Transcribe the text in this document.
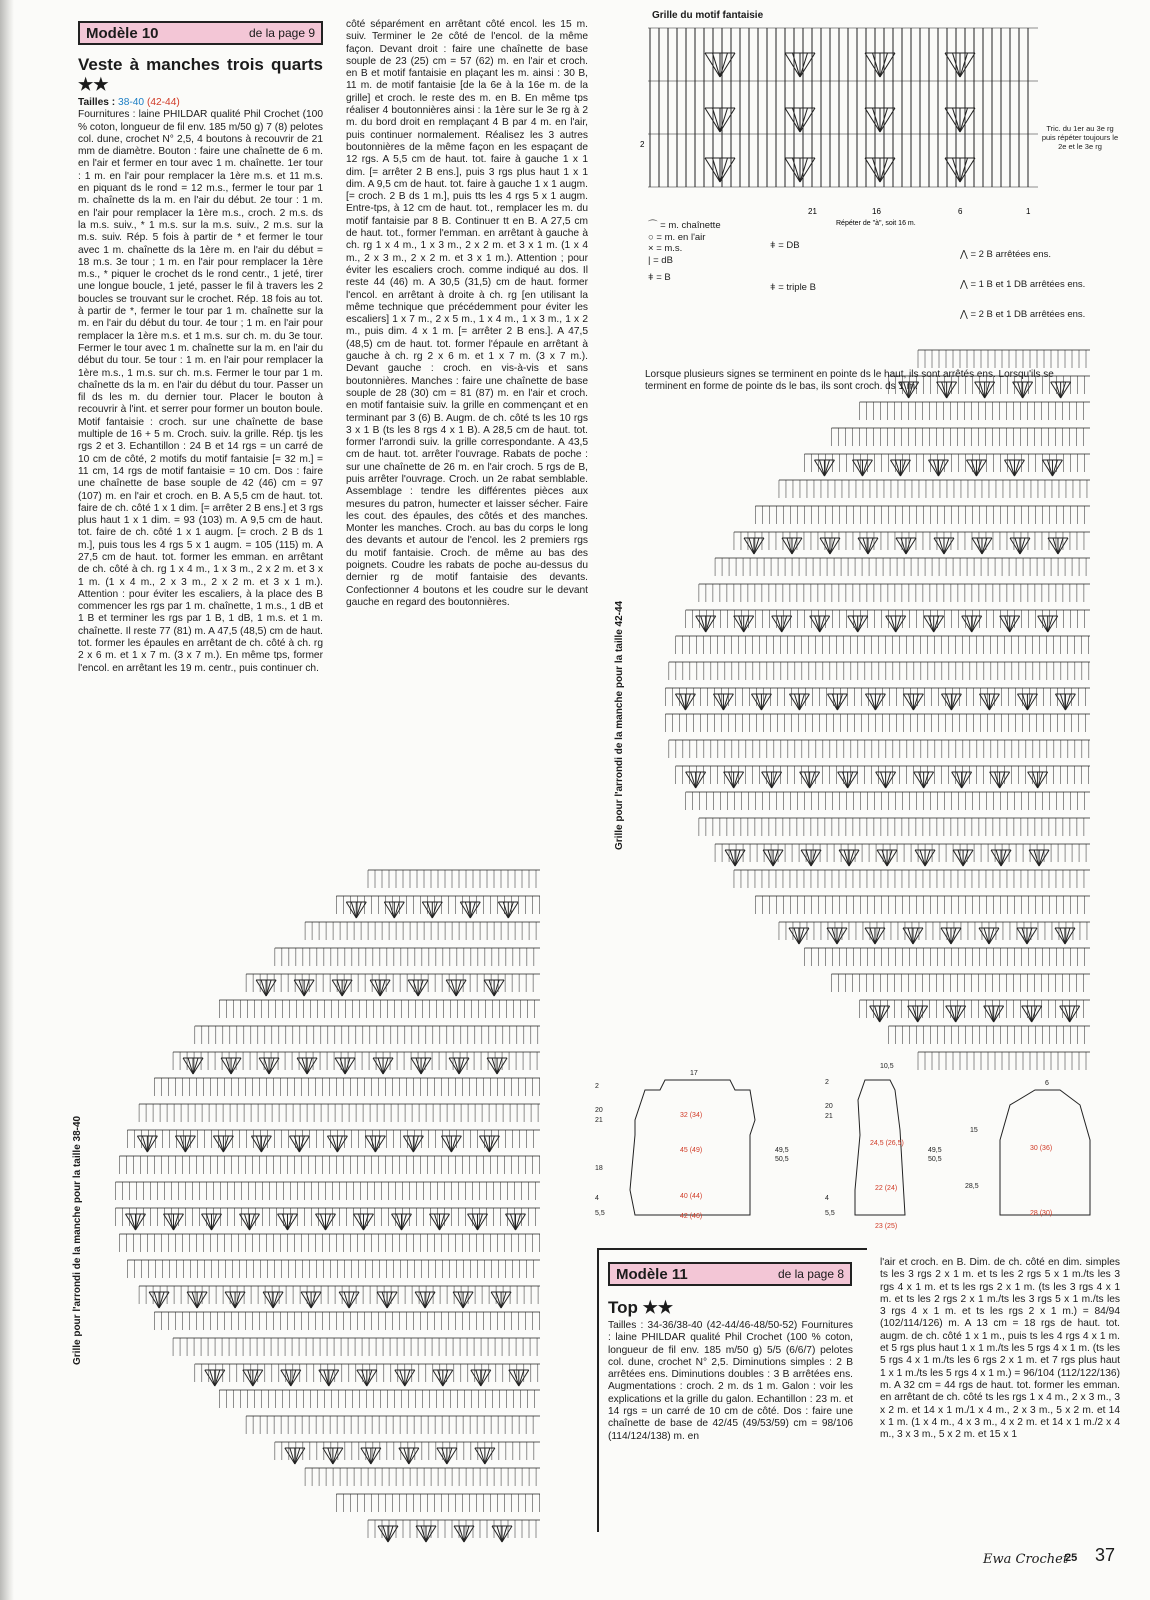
Modèle 10	de la page 9
Veste à manches trois quarts ★★

Tailles : 38-40 (42-44)

Fournitures : laine PHILDAR qualité Phil Crochet (100 % coton, longueur de fil env. 185 m/50 g) 7 (8) pelotes col. dune, crochet N° 2,5, 4 boutons à recouvrir de 21 mm de diamètre. Bouton : faire une chaînette de 6 m. en l'air et fermer en tour avec 1 m. chaînette. 1er tour : 1 m. en l'air pour remplacer la 1ère m.s. et 11 m.s. en piquant ds le rond = 12 m.s., fermer le tour par 1 m. chaînette ds la m. en l'air du début. 2e tour : 1 m. en l'air pour remplacer la 1ère m.s., croch. 2 m.s. ds la m.s. suiv., * 1 m.s. sur la m.s. suiv., 2 m.s. sur la m.s. suiv. Rép. 5 fois à partir de * et fermer le tour avec 1 m. chaînette ds la 1ère m. en l'air du début = 18 m.s. 3e tour ; 1 m. en l'air pour remplacer la 1ère m.s., * piquer le crochet ds le rond centr., 1 jeté, tirer une longue boucle, 1 jeté, passer le fil à travers les 2 boucles se trouvant sur le crochet. Rép. 18 fois au tot. à partir de *, fermer le tour par 1 m. chaînette sur la m. en l'air du début du tour. 4e tour ; 1 m. en l'air pour remplacer la 1ère m.s. et 1 m.s. sur ch. m. du 3e tour. Fermer le tour avec 1 m. chaînette sur la m. en l'air du début du tour. 5e tour : 1 m. en l'air pour remplacer la 1ère m.s., 1 m.s. sur ch. m.s. Fermer le tour par 1 m. chaînette ds la m. en l'air du début du tour. Passer un fil ds les m. du dernier tour. Placer le bouton à recouvrir à l'int. et serrer pour former un bouton boule. Motif fantaisie : croch. sur une chaînette de base multiple de 16 + 5 m. Croch. suiv. la grille. Rép. tjs les rgs 2 et 3. Echantillon : 24 B et 14 rgs = un carré de 10 cm de côté, 2 motifs du motif fantaisie [= 32 m.] = 11 cm, 14 rgs de motif fantaisie = 10 cm. Dos : faire une chaînette de base souple de 42 (46) cm = 97 (107) m. en l'air et croch. en B. A 5,5 cm de haut. tot. faire de ch. côté 1 x 1 dim. [= arrêter 2 B ens.] et 3 rgs plus haut 1 x 1 dim. = 93 (103) m. A 9,5 cm de haut. tot. faire de ch. côté 1 x 1 augm. [= croch. 2 B ds 1 m.], puis tous les 4 rgs 5 x 1 augm. = 105 (115) m. A 27,5 cm de haut. tot. former les emman. en arrêtant de ch. côté à ch. rg 1 x 4 m., 1 x 3 m., 2 x 2 m. et 3 x 1 m. (1 x 4 m., 2 x 3 m., 2 x 2 m. et 3 x 1 m.). Attention : pour éviter les escaliers, à la place des B commencer les rgs par 1 m. chaînette, 1 m.s., 1 dB et 1 B et terminer les rgs par 1 B, 1 dB, 1 m.s. et 1 m. chaînette. Il reste 77 (81) m. A 47,5 (48,5) cm de haut. tot. former les épaules en arrêtant de ch. côté à ch. rg 2 x 6 m. et 1 x 7 m. (3 x 7 m.). En même tps, former l'encol. en arrêtant les 19 m. centr., puis continuer ch.

côté séparément en arrêtant côté encol. les 15 m. suiv. Terminer le 2e côté de l'encol. de la même façon. Devant droit : faire une chaînette de base souple de 23 (25) cm = 57 (62) m. en l'air et croch. en B et motif fantaisie en plaçant les m. ainsi : 30 B, 11 m. de motif fantaisie [de la 6e à la 16e m. de la grille] et croch. le reste des m. en B. En même tps réaliser 4 boutonnières ainsi : la 1ère sur le 3e rg à 2 m. du bord droit en remplaçant 4 B par 4 m. en l'air, puis continuer normalement. Réalisez les 3 autres boutonnières de la même façon en les espaçant de 12 rgs. A 5,5 cm de haut. tot. faire à gauche 1 x 1 dim. [= arrêter 2 B ens.], puis 3 rgs plus haut 1 x 1 dim. A 9,5 cm de haut. tot. faire à gauche 1 x 1 augm. [= croch. 2 B ds 1 m.], puis tts les 4 rgs 5 x 1 augm. Entre-tps, à 12 cm de haut. tot., remplacer les m. du motif fantaisie par 8 B. Continuer tt en B. A 27,5 cm de haut. tot., former l'emman. en arrêtant à gauche à ch. rg 1 x 4 m., 1 x 3 m., 2 x 2 m. et 3 x 1 m. (1 x 4 m., 2 x 3 m., 2 x 2 m. et 3 x 1 m.). Attention ; pour éviter les escaliers croch. comme indiqué au dos. Il reste 44 (46) m. A 30,5 (31,5) cm de haut. former l'encol. en arrêtant à droite à ch. rg [en utilisant la même technique que précédemment pour éviter les escaliers] 1 x 7 m., 2 x 5 m., 1 x 4 m., 1 x 3 m., 1 x 2 m., puis dim. 4 x 1 m. [= arrêter 2 B ens.]. A 47,5 (48,5) cm de haut. tot. former l'épaule en arrêtant à gauche à ch. rg 2 x 6 m. et 1 x 7 m. (3 x 7 m.). Devant gauche : croch. en vis-à-vis et sans boutonnières. Manches : faire une chaînette de base souple de 28 (30) cm = 81 (87) m. en l'air et croch. en motif fantaisie suiv. la grille en commençant et en terminant par 3 (6) B. Augm. de ch. côté ts les 10 rgs 3 x 1 B (ts les 8 rgs 4 x 1 B). A 28,5 cm de haut. tot. former l'arrondi suiv. la grille correspondante. A 43,5 cm de haut. tot. arrêter l'ouvrage. Rabats de poche : sur une chaînette de 26 m. en l'air croch. 5 rgs de B, puis arrêter l'ouvrage. Croch. un 2e rabat semblable. Assemblage : tendre les différentes pièces aux mesures du patron, humecter et laisser sécher. Faire les cout. des épaules, des côtés et des manches. Monter les manches. Croch. au bas du corps le long des devants et autour de l'encol. les 2 premiers rgs du motif fantaisie. Croch. de même au bas des poignets. Coudre les rabats de poche au-dessus du dernier rg de motif fantaisie des devants. Confectionner 4 boutons et les coudre sur le devant gauche en regard des boutonnières.

Grille du motif fantaisie
2
21	16	6	1
Répéter de "à", soit 16 m.
Tric. du 1er au 3e rg puis répéter toujours le 2e et le 3e rg
⌒ = m. chaînette
○ = m. en l'air
× = m.s.
| = dB
ǂ = B
ǂ = DB
ǂ = triple B
⋀ = 2 B arrêtées ens.
⋀ = 1 B et 1 DB arrêtées ens.
⋀ = 2 B et 1 DB arrêtées ens.
Lorsque plusieurs signes se terminent en pointe ds le haut, ils sont arrêtés ens. Lorsqu'ils se terminent en forme de pointe ds le bas, ils sont croch. ds 1 m.
Grille pour l'arrondi de la manche pour la taille 42-44
Grille pour l'arrondi de la manche pour la taille 38-40
32 (34)
45 (49)
40 (44)
42 (46)
24,5 (26,5)
22 (24)
23 (25)
30 (36)
28 (30)
17
49,5
50,5
2
20
21
18
4
5,5
10,5
49,5
50,5
2
20
21
4
5,5
6
15
28,5
Modèle 11	de la page 8
Top ★★

Tailles : 34-36/38-40 (42-44/46-48/50-52) Fournitures : laine PHILDAR qualité Phil Crochet (100 % coton, longueur de fil env. 185 m/50 g) 5/5 (6/6/7) pelotes col. dune, crochet N° 2,5. Diminutions simples : 2 B arrêtées ens. Diminutions doubles : 3 B arrêtées ens. Augmentations : croch. 2 m. ds 1 m. Galon : voir les explications et la grille du galon. Echantillon : 23 m. et 14 rgs = un carré de 10 cm de côté. Dos : faire une chaînette de base de 42/45 (49/53/59) cm = 98/106 (114/124/138) m. en

l'air et croch. en B. Dim. de ch. côté en dim. simples ts les 3 rgs 2 x 1 m. et ts les 2 rgs 5 x 1 m./ts les 3 rgs 4 x 1 m. et ts les rgs 2 x 1 m. (ts les 3 rgs 4 x 1 m. et ts les 2 rgs 2 x 1 m./ts les 3 rgs 5 x 1 m./ts les 3 rgs 4 x 1 m. et ts les rgs 2 x 1 m.) = 84/94 (102/114/126) m. A 13 cm = 18 rgs de haut. tot. augm. de ch. côté 1 x 1 m., puis ts les 4 rgs 4 x 1 m. et 5 rgs plus haut 1 x 1 m./ts les 5 rgs 4 x 1 m. (ts les 5 rgs 4 x 1 m./ts les 6 rgs 2 x 1 m. et 7 rgs plus haut 1 x 1 m./ts les 5 rgs 4 x 1 m.) = 96/104 (112/122/136) m. A 32 cm = 44 rgs de haut. tot. former les emman. en arrêtant de ch. côté ts les rgs 1 x 4 m., 2 x 3 m., 3 x 2 m. et 14 x 1 m./1 x 4 m., 2 x 3 m., 5 x 2 m. et 14 x 1 m. (1 x 4 m., 4 x 3 m., 4 x 2 m. et 14 x 1 m./2 x 4 m., 3 x 3 m., 5 x 2 m. et 15 x 1

Ewa Crochet
25 37
